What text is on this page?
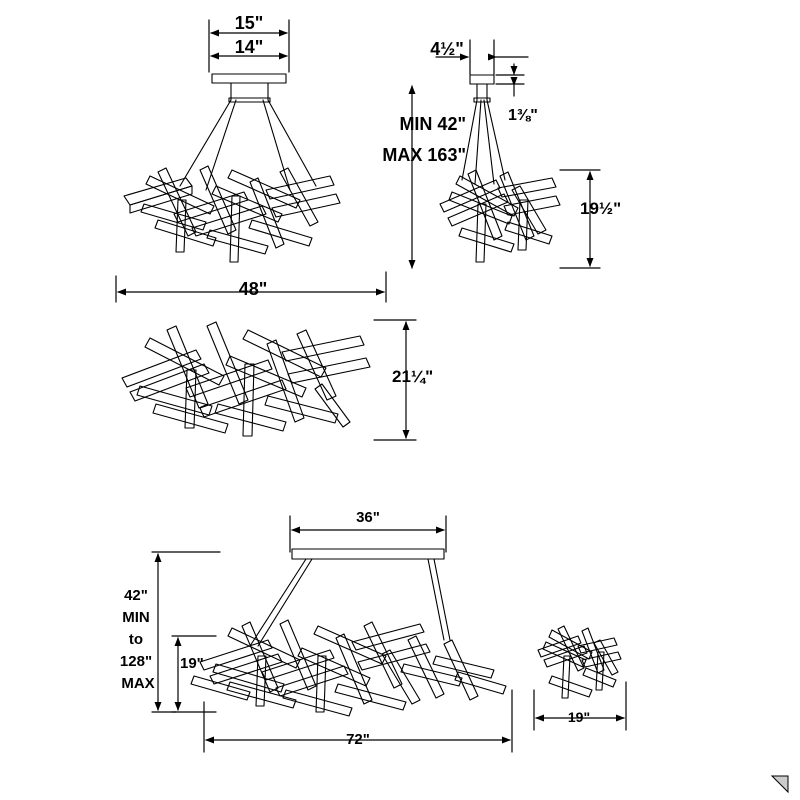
15"
14"	4½"
1⅜"
MIN 42"
MAX 163"
19½"
48"
21¼"
36"
42"
MIN
to
128"
MAX
19"
72"
19"
